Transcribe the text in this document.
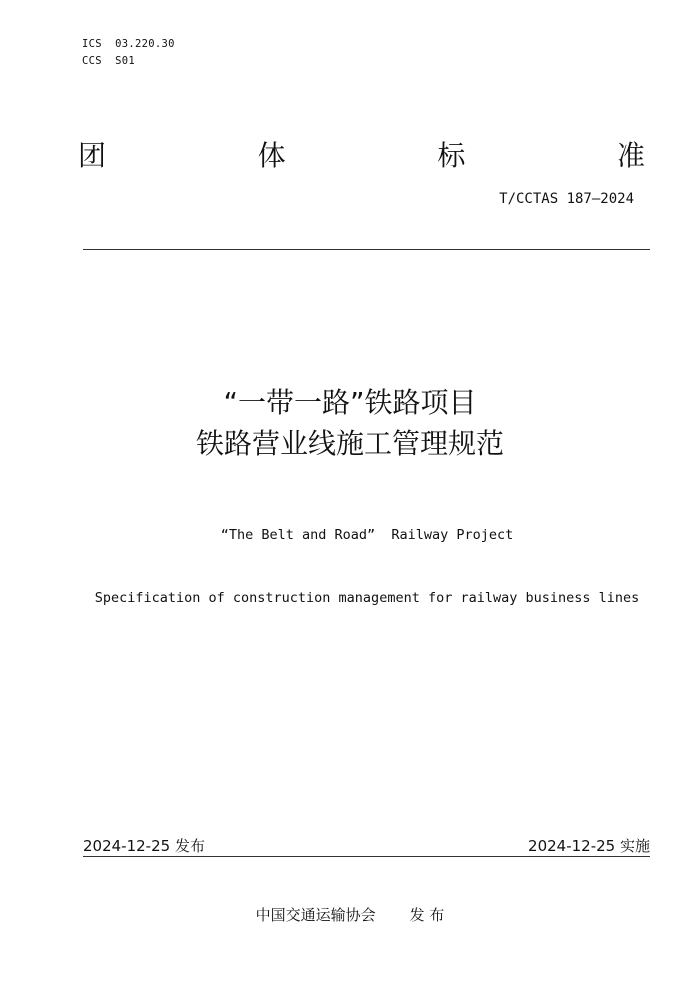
ICS  03.220.30
CCS  S01
团	体	标	准
T/CCTAS 187—2024
“一带一路”铁路项目
铁路营业线施工管理规范

“The Belt and Road”  Railway Project

Specification of construction management for railway business lines

2024-12-25 发布	2024-12-25 实施
中国交通运输协会 发 布
